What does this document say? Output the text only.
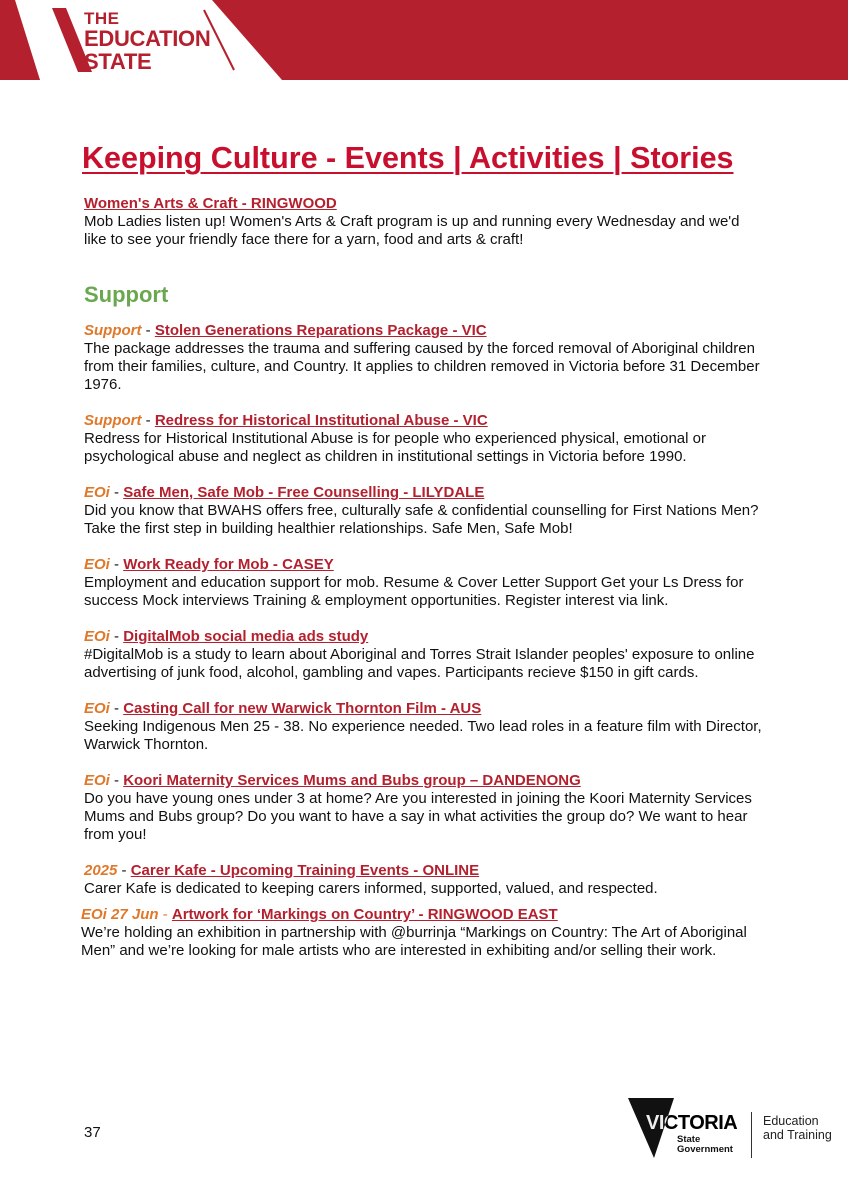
THE
EDUCATION
STATE
Keeping Culture - Events | Activities | Stories

Women's Arts & Craft - RINGWOOD
Mob Ladies listen up! Women's Arts & Craft program is up and running every Wednesday and we'd like to see your friendly face there for a yarn, food and arts & craft!

Support

Support - Stolen Generations Reparations Package - VIC
The package addresses the trauma and suffering caused by the forced removal of Aboriginal children from their families, culture, and Country. It applies to children removed in Victoria before 31 December 1976.

Support - Redress for Historical Institutional Abuse - VIC
Redress for Historical Institutional Abuse is for people who experienced physical, emotional or psychological abuse and neglect as children in institutional settings in Victoria before 1990.

EOi - Safe Men, Safe Mob - Free Counselling - LILYDALE
Did you know that BWAHS offers free, culturally safe & confidential counselling for First Nations Men? Take the first step in building healthier relationships. Safe Men, Safe Mob!

EOi - Work Ready for Mob - CASEY
Employment and education support for mob. Resume & Cover Letter Support Get your Ls Dress for success Mock interviews Training & employment opportunities. Register interest via link.

EOi - DigitalMob social media ads study
#DigitalMob is a study to learn about Aboriginal and Torres Strait Islander peoples' exposure to online advertising of junk food, alcohol, gambling and vapes. Participants recieve $150 in gift cards.

EOi - Casting Call for new Warwick Thornton Film - AUS
Seeking Indigenous Men 25 - 38. No experience needed. Two lead roles in a feature film with Director, Warwick Thornton.

EOi - Koori Maternity Services Mums and Bubs group – DANDENONG
Do you have young ones under 3 at home? Are you interested in joining the Koori Maternity Services Mums and Bubs group? Do you want to have a say in what activities the group do? We want to hear from you!

2025 - Carer Kafe - Upcoming Training Events - ONLINE
Carer Kafe is dedicated to keeping carers informed, supported, valued, and respected.

EOi 27 Jun - Artwork for ‘Markings on Country’ - RINGWOOD EAST
We’re holding an exhibition in partnership with @burrinja “Markings on Country: The Art of Aboriginal Men” and we’re looking for male artists who are interested in exhibiting and/or selling their work.

37	VICTORIA
State
Government
Education
and Training
